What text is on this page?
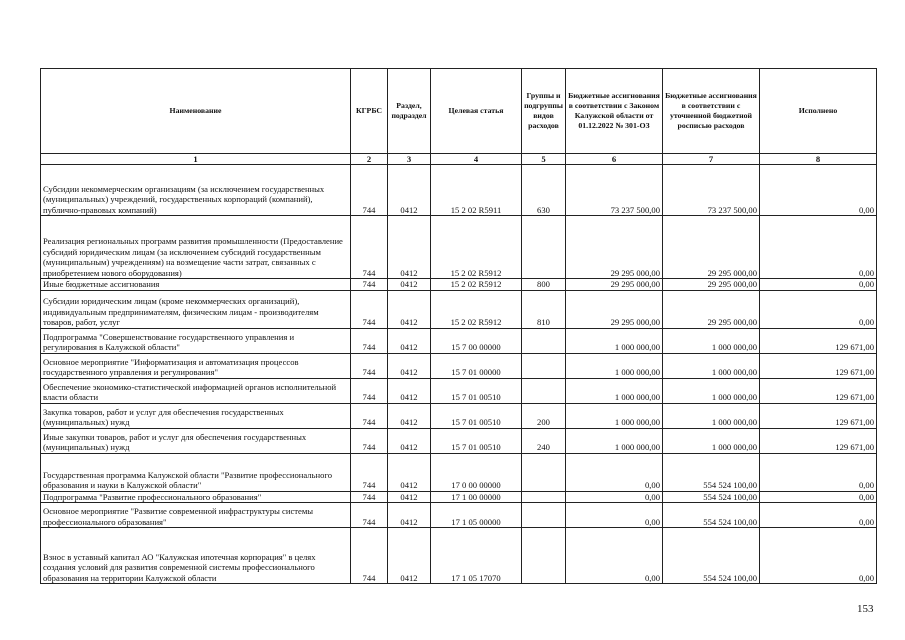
Наименование	КГРБС	Раздел, подраздел	Целевая статья	Группы и подгруппы видов расходов	Бюджетные ассигнования в соответствии с Законом Калужской области от 01.12.2022 № 301-ОЗ	Бюджетные ассигнования в соответствии с уточненной бюджетной росписью расходов	Исполнено
1	2	3	4	5	6	7	8
Субсидии некоммерческим организациям (за исключением государственных (муниципальных) учреждений, государственных корпораций (компаний), публично-правовых компаний)	744	0412	15 2 02 R5911	630	73 237 500,00	73 237 500,00	0,00
Реализация региональных программ развития промышленности (Предоставление субсидий юридическим лицам (за исключением субсидий государственным (муниципальным) учреждениям) на возмещение части затрат, связанных с приобретением нового оборудования)	744	0412	15 2 02 R5912		29 295 000,00	29 295 000,00	0,00
Иные бюджетные ассигнования	744	0412	15 2 02 R5912	800	29 295 000,00	29 295 000,00	0,00
Субсидии юридическим лицам (кроме некоммерческих организаций), индивидуальным предпринимателям, физическим лицам - производителям товаров, работ, услуг	744	0412	15 2 02 R5912	810	29 295 000,00	29 295 000,00	0,00
Подпрограмма "Совершенствование государственного управления и регулирования в Калужской области"	744	0412	15 7 00 00000		1 000 000,00	1 000 000,00	129 671,00
Основное мероприятие "Информатизация и автоматизация процессов государственного управления и регулирования"	744	0412	15 7 01 00000		1 000 000,00	1 000 000,00	129 671,00
Обеспечение экономико-статистической информацией органов исполнительной власти области	744	0412	15 7 01 00510		1 000 000,00	1 000 000,00	129 671,00
Закупка товаров, работ и услуг для обеспечения государственных (муниципальных) нужд	744	0412	15 7 01 00510	200	1 000 000,00	1 000 000,00	129 671,00
Иные закупки товаров, работ и услуг для обеспечения государственных (муниципальных) нужд	744	0412	15 7 01 00510	240	1 000 000,00	1 000 000,00	129 671,00
Государственная программа Калужской области "Развитие профессионального образования и науки в Калужской области"	744	0412	17 0 00 00000		0,00	554 524 100,00	0,00
Подпрограмма "Развитие профессионального образования"	744	0412	17 1 00 00000		0,00	554 524 100,00	0,00
Основное мероприятие "Развитие современной инфраструктуры системы профессионального образования"	744	0412	17 1 05 00000		0,00	554 524 100,00	0,00
Взнос в уставный капитал АО "Калужская ипотечная корпорация" в целях создания условий для развития современной системы профессионального образования на территории Калужской области	744	0412	17 1 05 17070		0,00	554 524 100,00	0,00
153
